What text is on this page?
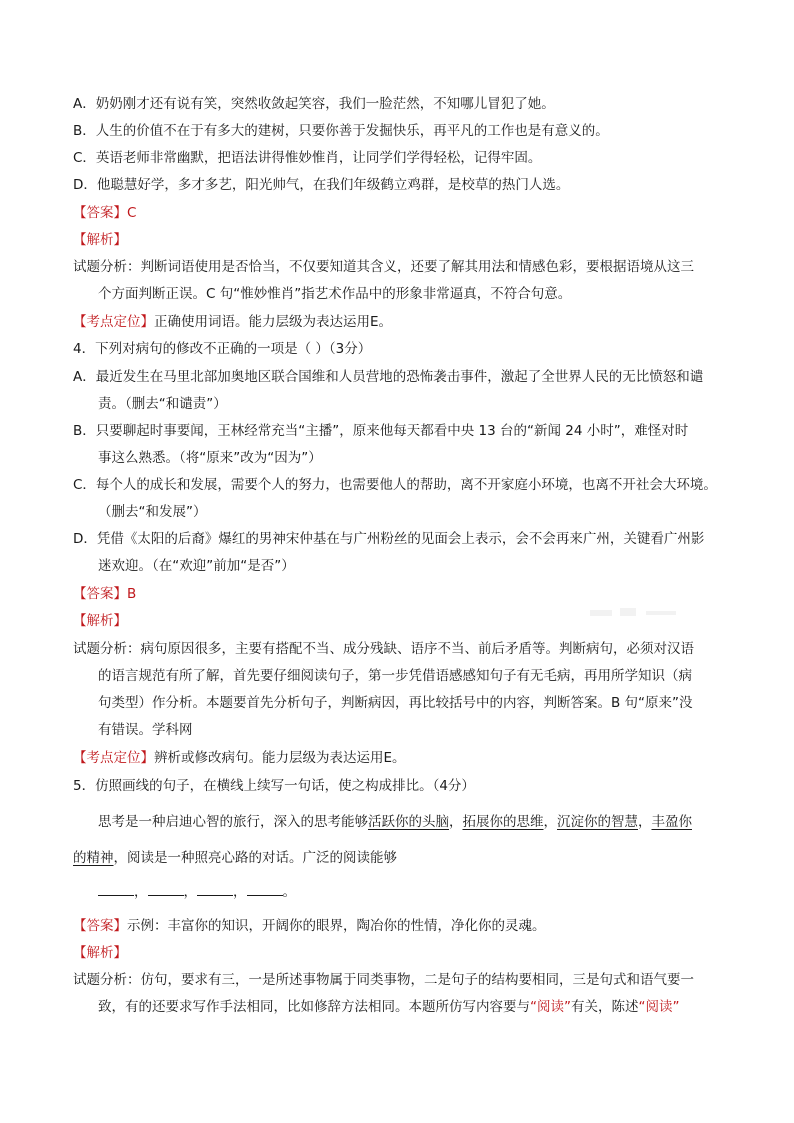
A．奶奶刚才还有说有笑，突然收敛起笑容，我们一脸茫然，不知哪儿冒犯了她。
B．人生的价值不在于有多大的建树，只要你善于发掘快乐，再平凡的工作也是有意义的。
C．英语老师非常幽默，把语法讲得惟妙惟肖，让同学们学得轻松，记得牢固。
D．他聪慧好学，多才多艺，阳光帅气，在我们年级鹤立鸡群，是校草的热门人选。
【答案】C
【解析】
试题分析：判断词语使用是否恰当，不仅要知道其含义，还要了解其用法和情感色彩，要根据语境从这三
个方面判断正误。C 句“惟妙惟肖”指艺术作品中的形象非常逼真，不符合句意。
【考点定位】正确使用词语。能力层级为表达运用E。
4．下列对病句的修改不正确的一项是（ ）（3分）
A．最近发生在马里北部加奥地区联合国维和人员营地的恐怖袭击事件，激起了全世界人民的无比愤怒和谴
责。（删去“和谴责”）
B．只要聊起时事要闻，王林经常充当“主播”，原来他每天都看中央 13 台的“新闻 24 小时”，难怪对时
事这么熟悉。（将“原来”改为“因为”）
C．每个人的成长和发展，需要个人的努力，也需要他人的帮助，离不开家庭小环境，也离不开社会大环境。
（删去“和发展”）
D．凭借《太阳的后裔》爆红的男神宋仲基在与广州粉丝的见面会上表示，会不会再来广州，关键看广州影
迷欢迎。（在“欢迎”前加“是否”）
【答案】B
【解析】
试题分析：病句原因很多，主要有搭配不当、成分残缺、语序不当、前后矛盾等。判断病句，必须对汉语
的语言规范有所了解，首先要仔细阅读句子，第一步凭借语感感知句子有无毛病，再用所学知识（病
句类型）作分析。本题要首先分析句子，判断病因，再比较括号中的内容，判断答案。B 句“原来”没
有错误。学科网
【考点定位】辨析或修改病句。能力层级为表达运用E。
5．仿照画线的句子，在横线上续写一句话，使之构成排比。（4分）
思考是一种启迪心智的旅行，深入的思考能够活跃你的头脑，拓展你的思维，沉淀你的智慧，丰盈你
的精神，阅读是一种照亮心路的对话。广泛的阅读能够
，	，	，	。
【答案】示例：丰富你的知识，开阔你的眼界，陶冶你的性情，净化你的灵魂。
【解析】
试题分析：仿句，要求有三，一是所述事物属于同类事物，二是句子的结构要相同，三是句式和语气要一
致，有的还要求写作手法相同，比如修辞方法相同。本题所仿写内容要与“阅读”有关，陈述“阅读”
